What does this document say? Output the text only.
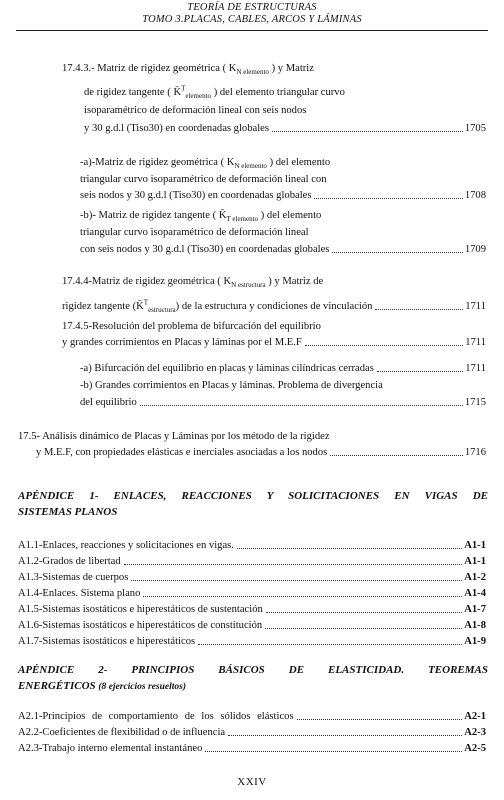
TEORÍA DE ESTRUCTURAS
TOMO 3.PLACAS, CABLES, ARCOS Y LÁMINAS
17.4.3.- Matriz de rigidez geométrica ( $K_{N elemento}$ ) y Matriz
de rigidez tangente ( K̄$^T_{elemento}$ ) del elemento triangular curvo
isoparamétrico de deformación lineal con seis nodos
y 30 g.d.l (Tiso30) en coordenadas globales	1705
-a)-Matriz de rigidez geométrica ( $K_{N elemento}$ ) del elemento
triangular curvo isoparamétrico de deformación lineal con
seis nodos y 30 g.d.l (Tiso30) en coordenadas globales	1708
-b)- Matriz de rigidez tangente ( $K̄_{T elemento}$ ) del elemento
triangular curvo isoparamétrico de deformación lineal
con seis nodos y 30 g.d.l (Tiso30) en coordenadas globales	1709
17.4.4-Matriz de rigidez geométrica ( $K_{N estructura}$ ) y Matriz de
rigidez tangente (K̄$^T_{estructura}$) de la estructura y condiciones de vinculación	1711
17.4.5-Resolución del problema de bifurcación del equilibrio
y grandes corrimientos en Placas y láminas por el M.E.F	1711
-a) Bifurcación del equilibrio en placas y láminas cilíndricas cerradas	1711
-b) Grandes corrimientos en Placas y láminas. Problema de divergencia
del equilibrio	1715
17.5- Análisis dinámico de Placas y Láminas por los método de la rigidez
y M.E.F, con propiedades elásticas e inerciales asociadas a los nodos	1716
APÉNDICE 1- ENLACES, REACCIONES Y SOLICITACIONES EN VIGAS DE
SISTEMAS PLANOS
A1.1-Enlaces, reacciones y solicitaciones en vigas.	A1-1
A1.2-Grados de libertad	A1-1
A1.3-Sistemas de cuerpos	A1-2
A1.4-Enlaces. Sistema plano	A1-4
A1.5-Sistemas isostáticos e hiperestáticos de sustentación	A1-7
A1.6-Sistemas isostáticos e hiperestáticos de constitución	A1-8
A1.7-Sistemas isostáticos e hiperestáticos	A1-9
APÉNDICE 2- PRINCIPIOS BÁSICOS DE ELASTICIDAD. TEOREMAS
ENERGÉTICOS (8 ejercicios resueltos)
A2.1-Principios de comportamiento de los sólidos elásticos	A2-1
A2.2-Coeficientes de flexibilidad o de influencia	A2-3
A2.3-Trabajo interno elemental instantáneo	A2-5
XXIV
